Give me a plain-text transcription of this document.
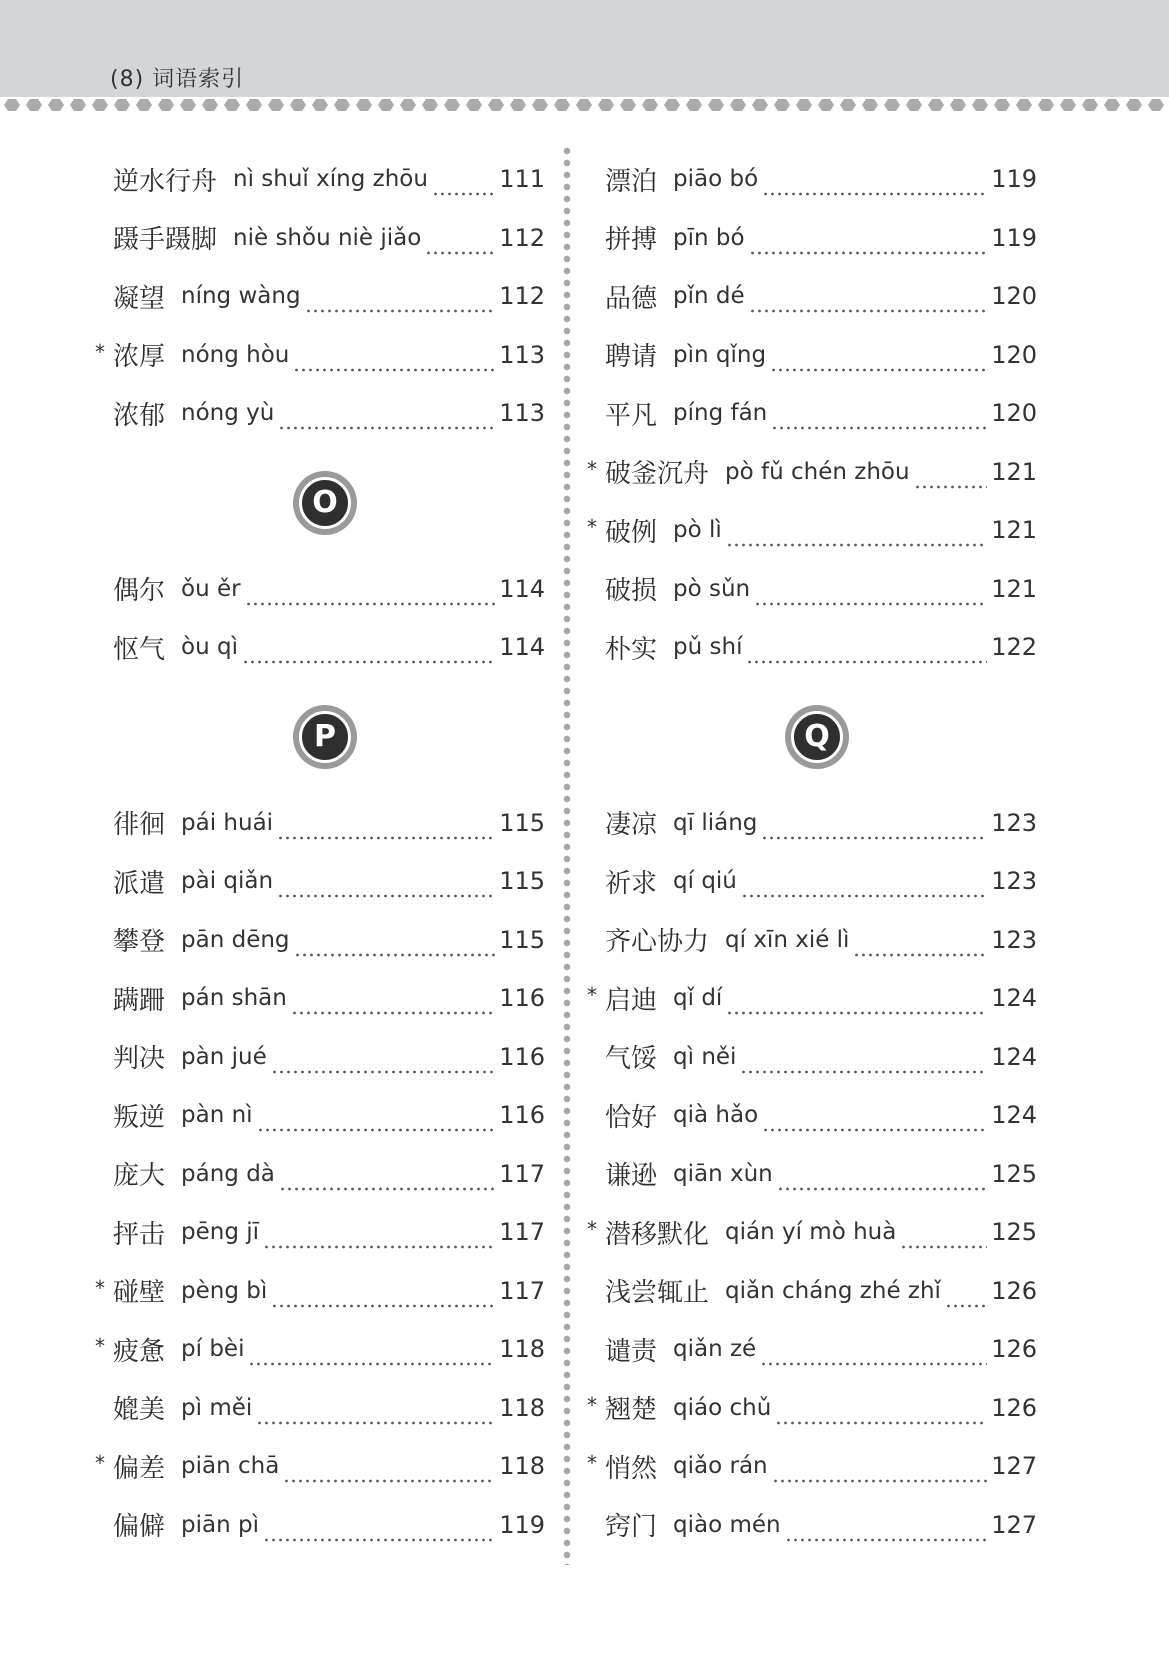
(8) 词语索引
逆水行舟 nì shuǐ xíng zhōu	111
蹑手蹑脚 niè shǒu niè jiǎo	112
凝望 níng wàng	112
* 浓厚 nóng hòu	113
浓郁 nóng yù	113
O
偶尔 ǒu ěr	114
怄气 òu qì	114
P
徘徊 pái huái	115
派遣 pài qiǎn	115
攀登 pān dēng	115
蹒跚 pán shān	116
判决 pàn jué	116
叛逆 pàn nì	116
庞大 páng dà	117
抨击 pēng jī	117
* 碰壁 pèng bì	117
* 疲惫 pí bèi	118
媲美 pì měi	118
* 偏差 piān chā	118
偏僻 piān pì	119
漂泊 piāo bó	119
拼搏 pīn bó	119
品德 pǐn dé	120
聘请 pìn qǐng	120
平凡 píng fán	120
* 破釜沉舟 pò fǔ chén zhōu	121
* 破例 pò lì	121
破损 pò sǔn	121
朴实 pǔ shí	122
Q
凄凉 qī liáng	123
祈求 qí qiú	123
齐心协力 qí xīn xié lì	123
* 启迪 qǐ dí	124
气馁 qì něi	124
恰好 qià hǎo	124
谦逊 qiān xùn	125
* 潜移默化 qián yí mò huà	125
浅尝辄止 qiǎn cháng zhé zhǐ 126
谴责 qiǎn zé	126
* 翘楚 qiáo chǔ	126
* 悄然 qiǎo rán	127
窍门 qiào mén	127
